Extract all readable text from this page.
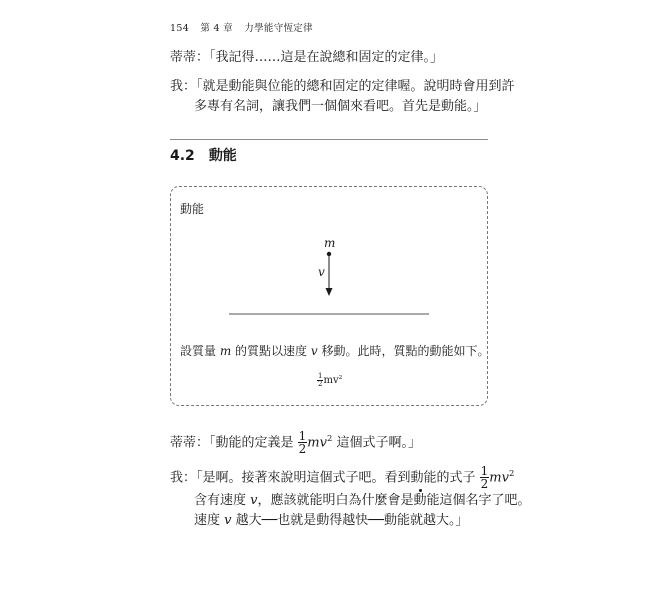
154 第 4 章 力學能守恆定律
蒂蒂：「我記得……這是在說總和固定的定律。」
我：「就是動能與位能的總和固定的定律喔。說明時會用到許
多專有名詞，讓我們一個個來看吧。首先是動能。」
4.2 動能
動能
m
v
設質量 m 的質點以速度 v 移動。此時，質點的動能如下。
$\frac{1}{2} mv^2$
蒂蒂：「動能的定義是 $\frac{1}{2} mv^2$ 這個式子啊。」
我：「是啊。接著來說明這個式子吧。看到動能的式子 $\frac{1}{2} mv^2$
含有速度 v，應該就能明白為什麼會是動能這個名字了吧。
速度 v 越大──也就是動得越快──動能就越大。」
